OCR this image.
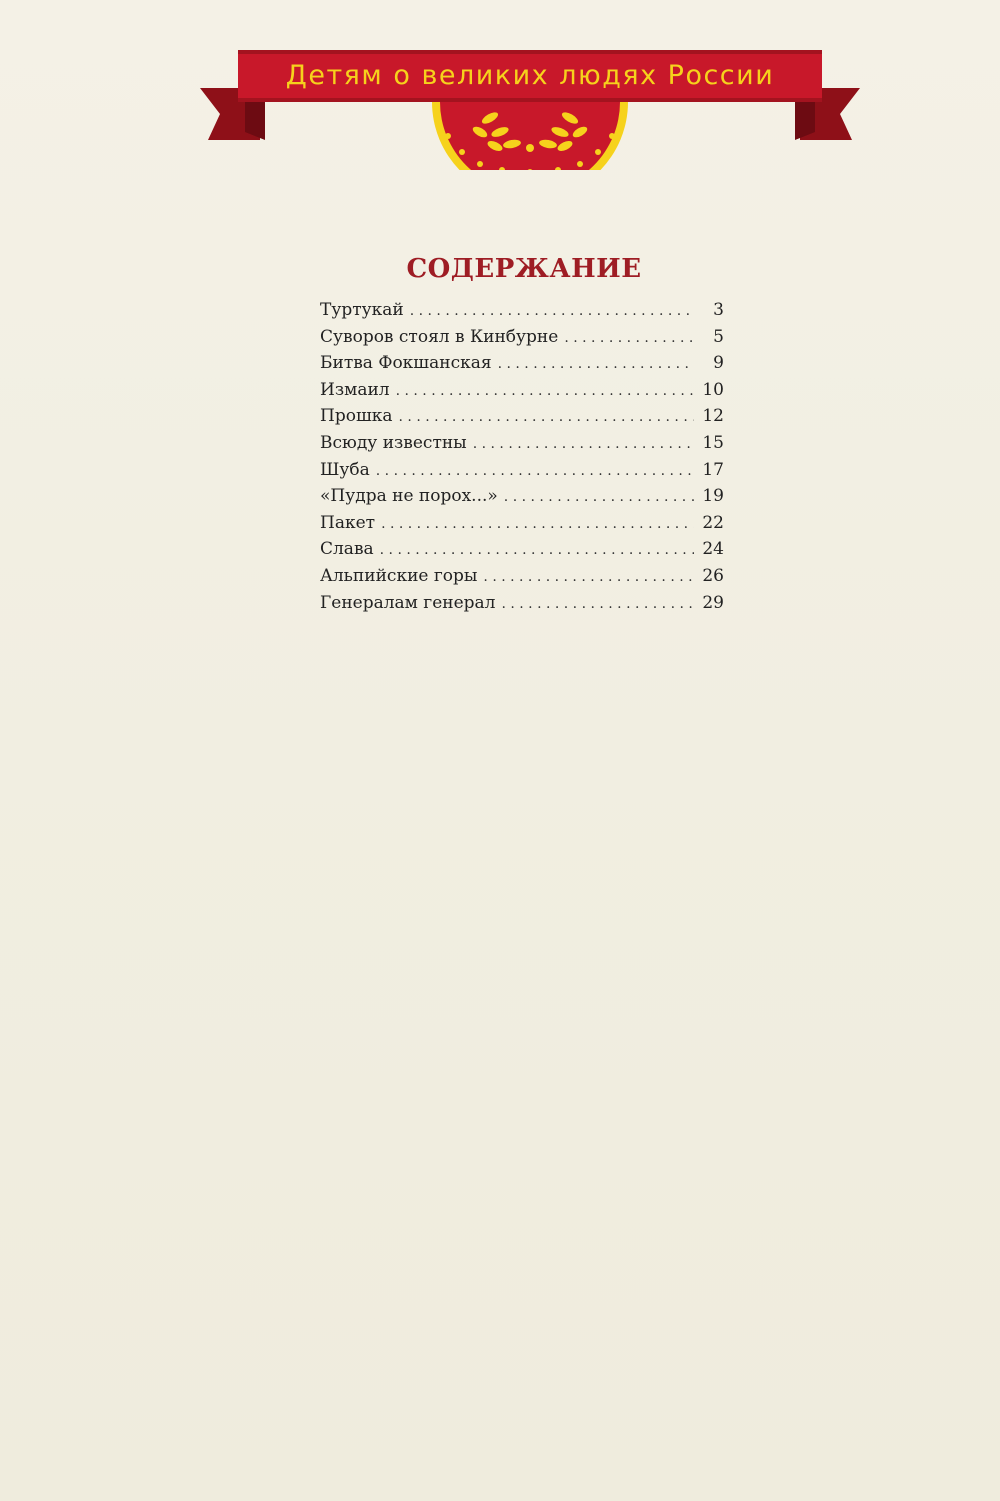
Детям о великих людях России
СОДЕРЖАНИЕ
Туртукай . . .	3
Суворов стоял в Кинбурне . . .	5
Битва Фокшанская . . .	9
Измаил . . .	10
Прошка . . .	12
Всюду известны . . .	15
Шуба . . .	17
«Пудра не порох...» . . .	19
Пакет . . .	22
Слава . . .	24
Альпийские горы . . .	26
Генералам генерал . . .	29
